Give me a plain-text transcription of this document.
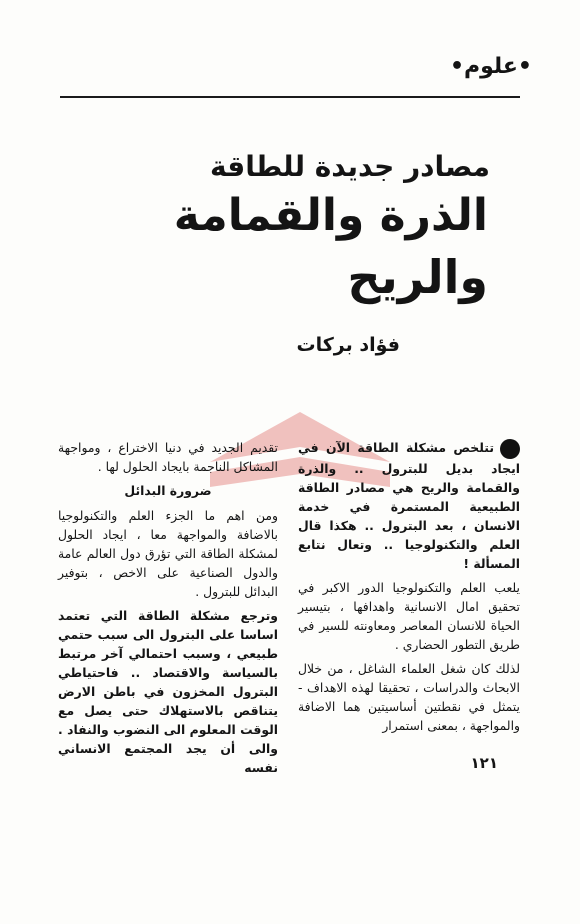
•علوم•
مصادر جديدة للطاقة
الذرة والقمامة
والريح
فؤاد بركات

تتلخص مشكلة الطاقة الآن في ايجاد بديل للبترول .. والذرة والقمامة والريح هي مصادر الطاقة الطبيعية المستمرة في خدمة الانسان ، بعد البترول .. هكذا قال العلم والتكنولوجيا .. وتعال نتابع المسألة !

يلعب العلم والتكنولوجيا الدور الاكبر في تحقيق امال الانسانية واهدافها ، بتيسير الحياة للانسان المعاصر ومعاونته للسير في طريق التطور الحضاري .

لذلك كان شغل العلماء الشاغل ، من خلال الابحاث والدراسات ، تحقيقا لهذه الاهداف - يتمثل في نقطتين أساسيتين هما الاضافة والمواجهة ، بمعنى استمرار

تقديم الجديد في دنيا الاختراع ، ومواجهة المشاكل الناجمة بايجاد الحلول لها .

ضرورة البدائل

ومن اهم ما الجزء العلم والتكنولوجيا بالاضافة والمواجهة معا ، ايجاد الحلول لمشكلة الطاقة التي تؤرق دول العالم عامة والدول الصناعية على الاخص ، بتوفير البدائل للبترول .

وترجع مشكلة الطاقة التي تعتمد اساسا على البترول الى سبب حتمي طبيعي ، وسبب احتمالي آخر مرتبط بالسياسة والاقتصاد .. فاحتياطي البترول المخزون في باطن الارض يتناقص بالاستهلاك حتى يصل مع الوقت المعلوم الى النضوب والنفاد . والى أن يجد المجتمع الانساني نفسه	١٢١
